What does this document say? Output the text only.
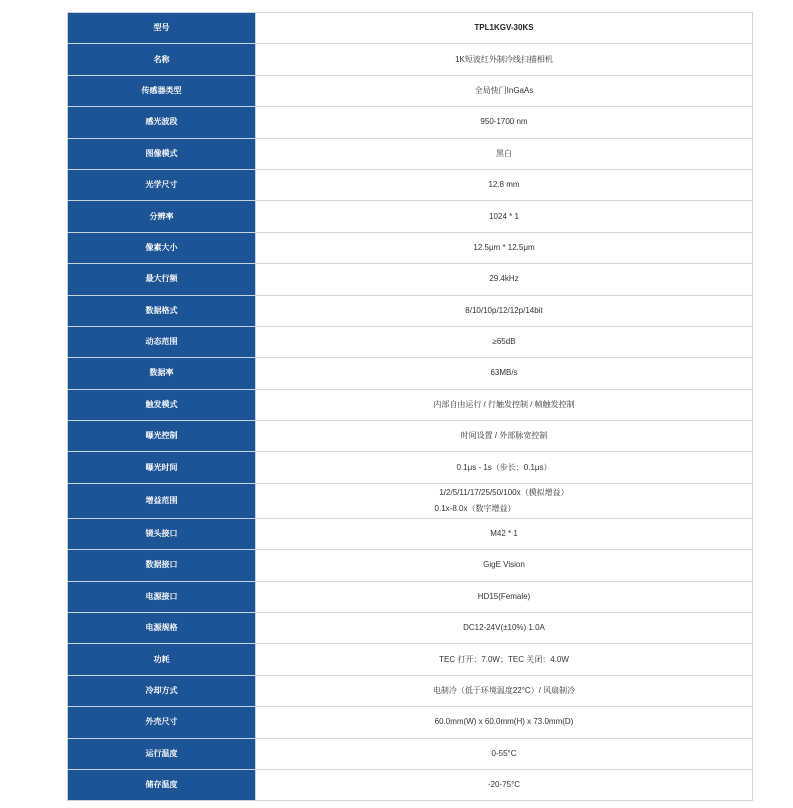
型号	TPL1KGV-30KS
名称	1K短波红外制冷线扫描相机
传感器类型	全局快门InGaAs
感光波段	950-1700 nm
图像模式	黑白
光学尺寸	12.8 mm
分辨率	1024 * 1
像素大小	12.5μm * 12.5μm
最大行频	29.4kHz
数据格式	8/10/10p/12/12p/14bit
动态范围	≥65dB
数据率	63MB/s
触发模式	内部自由运行 / 行触发控制 / 帧触发控制
曝光控制	时间设置 / 外部脉宽控制
曝光时间	0.1μs - 1s（步长：0.1μs）
增益范围	1/2/5/11/17/25/50/100x（模拟增益）
0.1x-8.0x（数字增益）

镜头接口	M42 * 1
数据接口	GigE Vision
电源接口	HD15(Female)
电源规格	DC12-24V(±10%) 1.0A
功耗	TEC 打开：7.0W；TEC 关闭：4.0W
冷却方式	电制冷（低于环境温度22°C）/ 风扇制冷
外壳尺寸	60.0mm(W) x 60.0mm(H) x 73.0mm(D)
运行温度	0-55°C
储存温度	-20-75°C
